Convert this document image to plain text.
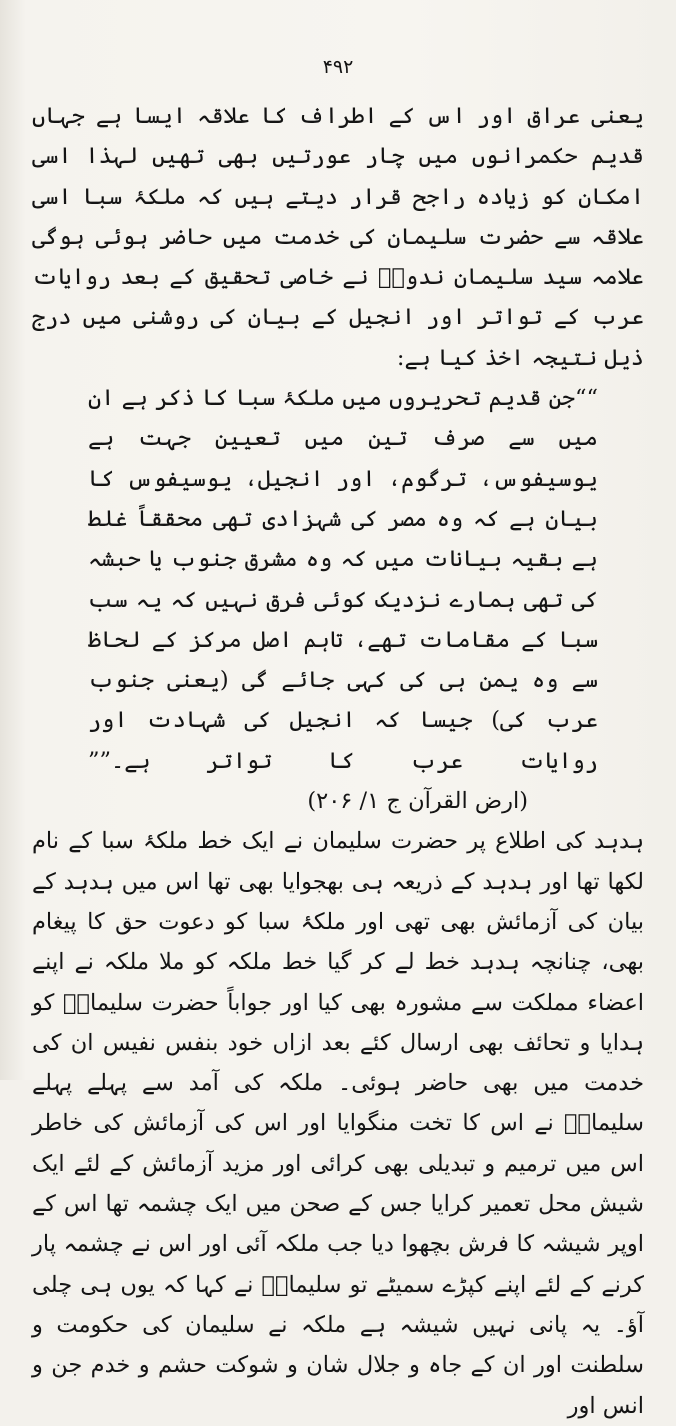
۴۹۲

یعنی عراق اور اس کے اطراف کا علاقہ ایسا ہے جہاں قدیم حکمرانوں میں چار عورتیں بھی تھیں لہذا اسی امکان کو زیادہ راجح قرار دیتے ہیں کہ ملکۂ سبا اسی علاقہ سے حضرت سلیمان کی خدمت میں حاضر ہوئی ہوگی علامہ سید سلیمان ندویؒ نے خاصی تحقیق کے بعد روایات عرب کے تواتر اور انجیل کے بیان کی روشنی میں درج ذیل نتیجہ اخذ کیا ہے:

““جن قدیم تحریروں میں ملکۂ سبا کا ذکر ہے ان میں سے صرف تین میں تعیین جہت ہے یوسیفوس، ترگوم، اور انجیل، یوسیفوس کا بیان ہے کہ وہ مصر کی شہزادی تھی محققاً غلط ہے بقیہ بیانات میں کہ وہ مشرق جنوب یا حبشہ کی تھی ہمارے نزدیک کوئی فرق نہیں کہ یہ سب سبا کے مقامات تھے، تاہم اصل مرکز کے لحاظ سے وہ یمن ہی کی کہی جائے گی (یعنی جنوب عرب کی) جیسا کہ انجیل کی شہادت اور روایات عرب کا تواتر ہے۔”” (ارض القرآن ج ۱/ ۲۰۶)

ہدہد کی اطلاع پر حضرت سلیمان نے ایک خط ملکۂ سبا کے نام لکھا تھا اور ہدہد کے ذریعہ ہی بھجوایا بھی تھا اس میں ہدہد کے بیان کی آزمائش بھی تھی اور ملکۂ سبا کو دعوت حق کا پیغام بھی، چنانچہ ہدہد خط لے کر گیا خط ملکہ کو ملا ملکہ نے اپنے اعضاء مملکت سے مشورہ بھی کیا اور جواباً حضرت سلیمانؑ کو ہدایا و تحائف بھی ارسال کئے بعد ازاں خود بنفس نفیس ان کی خدمت میں بھی حاضر ہوئی۔ ملکہ کی آمد سے پہلے پہلے سلیمانؑ نے اس کا تخت منگوایا اور اس کی آزمائش کی خاطر اس میں ترمیم و تبدیلی بھی کرائی اور مزید آزمائش کے لئے ایک شیش محل تعمیر کرایا جس کے صحن میں ایک چشمہ تھا اس کے اوپر شیشہ کا فرش بچھوا دیا جب ملکہ آئی اور اس نے چشمہ پار کرنے کے لئے اپنے کپڑے سمیٹے تو سلیمانؑ نے کہا کہ یوں ہی چلی آؤ۔ یہ پانی نہیں شیشہ ہے ملکہ نے سلیمان کی حکومت و سلطنت اور ان کے جاہ و جلال شان و شوکت حشم و خدم جن و انس اور
